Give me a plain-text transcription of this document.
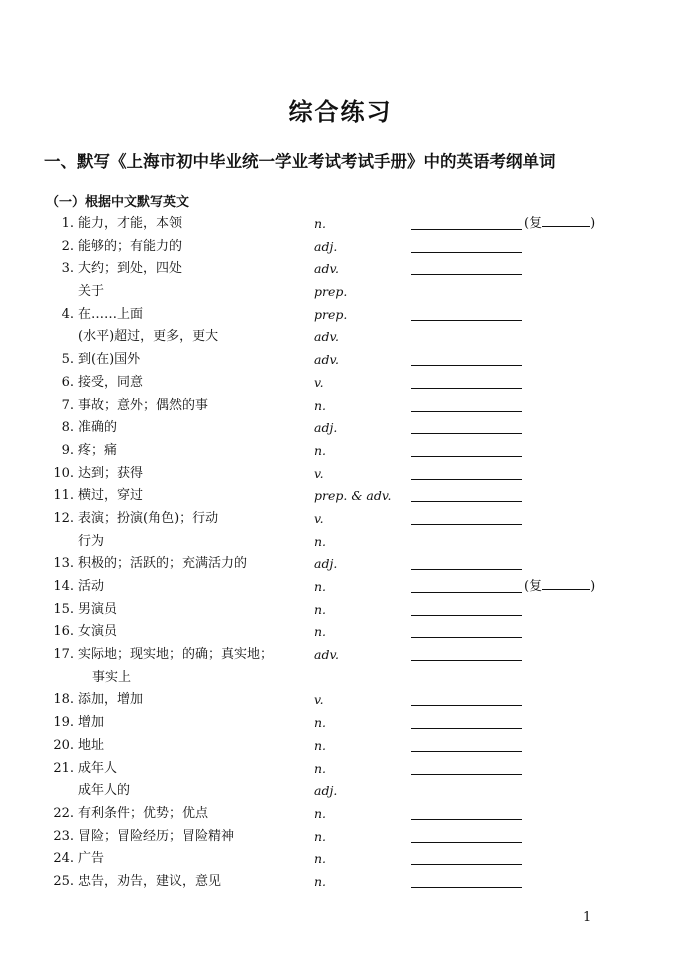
综合练习
一、默写《上海市初中毕业统一学业考试考试手册》中的英语考纲单词
（一）根据中文默写英文
1. 能力，才能，本领	n.	(复	)
2. 能够的；有能力的	adj.
3. 大约；到处，四处	adv.
关于	prep.
4. 在……上面	prep.
(水平)超过，更多，更大	adv.
5. 到(在)国外	adv.
6. 接受，同意	v.
7. 事故；意外；偶然的事	n.
8. 准确的	adj.
9. 疼；痛	n.
10. 达到；获得	v.
11. 横过，穿过	prep. & adv.
12. 表演；扮演(角色)；行动	v.
行为	n.
13. 积极的；活跃的；充满活力的	adj.
14. 活动	n.	(复	)
15. 男演员	n.
16. 女演员	n.
17. 实际地；现实地；的确；真实地；	adv.
事实上
18. 添加，增加	v.
19. 增加	n.
20. 地址	n.
21. 成年人	n.
成年人的	adj.
22. 有利条件；优势；优点	n.
23. 冒险；冒险经历；冒险精神	n.
24. 广告	n.
25. 忠告，劝告，建议，意见	n.
1
